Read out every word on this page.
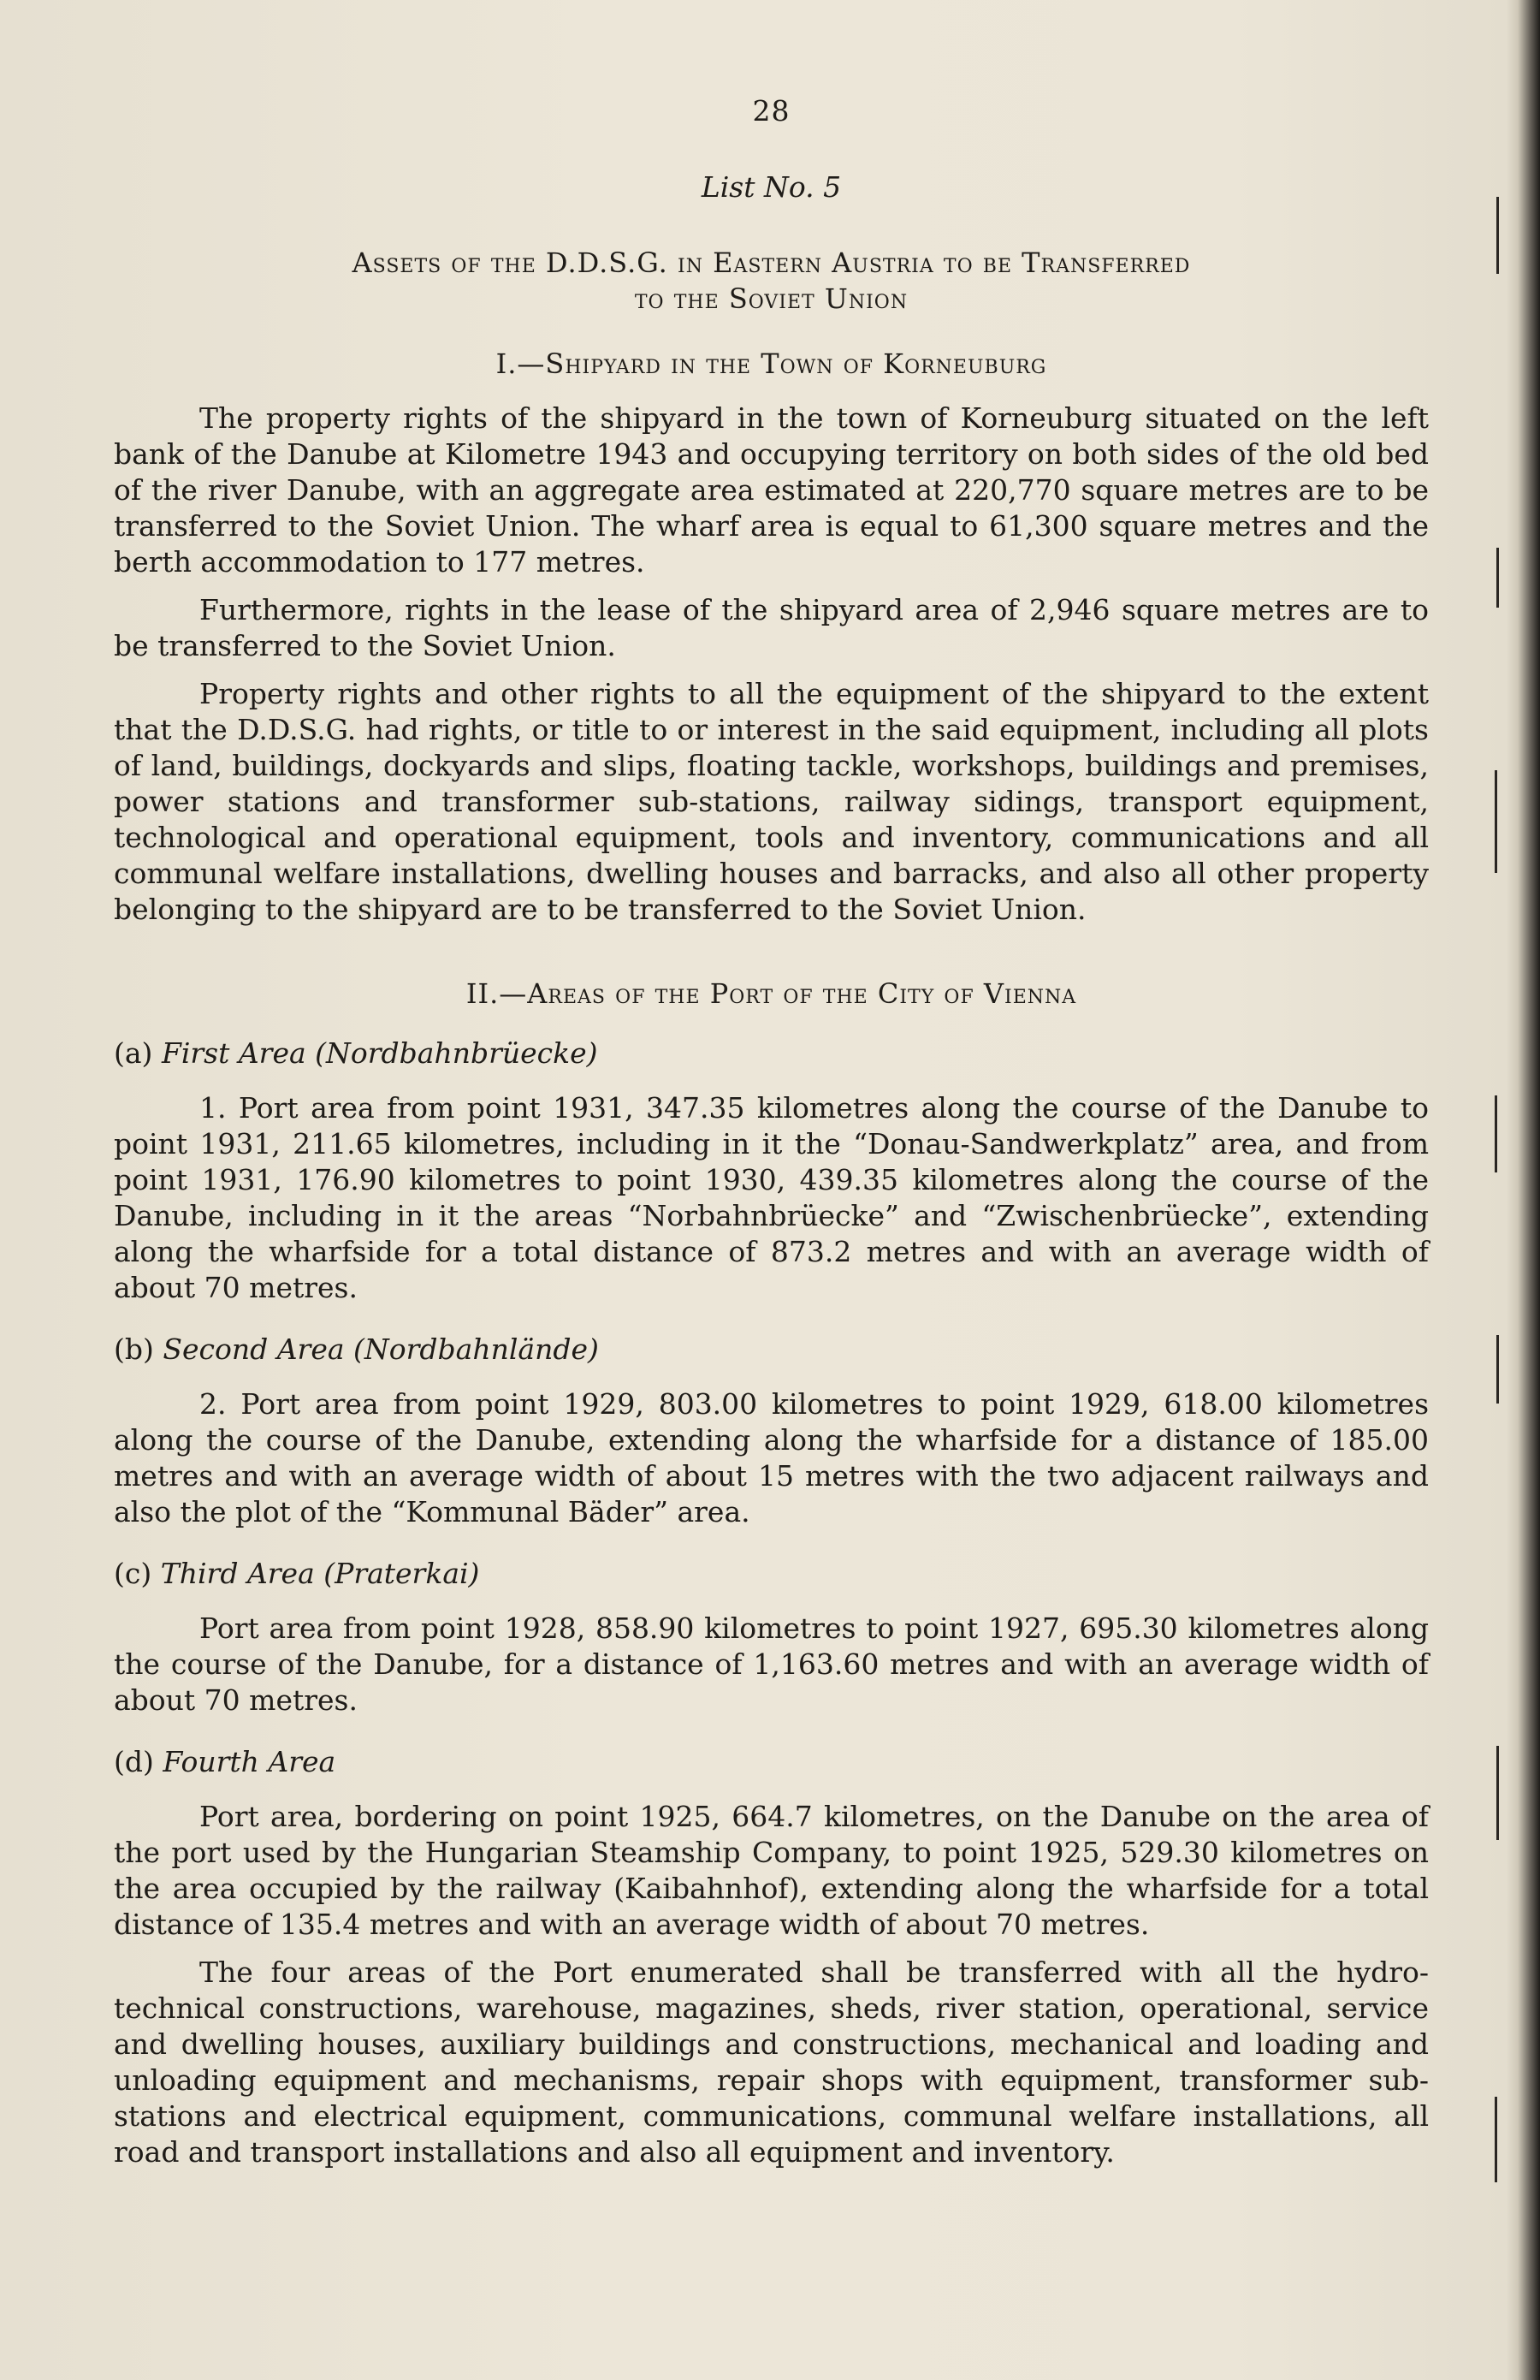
28
List No. 5
Assets of the D.D.S.G. in Eastern Austria to be Transferred
to the Soviet Union
I.—Shipyard in the Town of Korneuburg

The property rights of the shipyard in the town of Korneuburg situated on the left bank of the Danube at Kilometre 1943 and occupying territory on both sides of the old bed of the river Danube, with an aggregate area estimated at 220,770 square metres are to be transferred to the Soviet Union. The wharf area is equal to 61,300 square metres and the berth accommodation to 177 metres.

Furthermore, rights in the lease of the shipyard area of 2,946 square metres are to be transferred to the Soviet Union.

Property rights and other rights to all the equipment of the shipyard to the extent that the D.D.S.G. had rights, or title to or interest in the said equipment, including all plots of land, buildings, dockyards and slips, floating tackle, workshops, buildings and premises, power stations and transformer sub-stations, railway sidings, transport equipment, technological and operational equipment, tools and inventory, communications and all communal welfare installations, dwelling houses and barracks, and also all other property belonging to the shipyard are to be transferred to the Soviet Union.

II.—Areas of the Port of the City of Vienna
(a) First Area (Nordbahnbrüecke)

1. Port area from point 1931, 347.35 kilometres along the course of the Danube to point 1931, 211.65 kilometres, including in it the “Donau-Sandwerkplatz” area, and from point 1931, 176.90 kilometres to point 1930, 439.35 kilometres along the course of the Danube, including in it the areas “Norbahnbrüecke” and “Zwischenbrüecke”, extending along the wharfside for a total distance of 873.2 metres and with an average width of about 70 metres.

(b) Second Area (Nordbahnlände)

2. Port area from point 1929, 803.00 kilometres to point 1929, 618.00 kilometres along the course of the Danube, extending along the wharfside for a distance of 185.00 metres and with an average width of about 15 metres with the two adjacent railways and also the plot of the “Kommunal Bäder” area.

(c) Third Area (Praterkai)

Port area from point 1928, 858.90 kilometres to point 1927, 695.30 kilometres along the course of the Danube, for a distance of 1,163.60 metres and with an average width of about 70 metres.

(d) Fourth Area

Port area, bordering on point 1925, 664.7 kilometres, on the Danube on the area of the port used by the Hungarian Steamship Company, to point 1925, 529.30 kilometres on the area occupied by the railway (Kaibahnhof), extending along the wharfside for a total distance of 135.4 metres and with an average width of about 70 metres.

The four areas of the Port enumerated shall be transferred with all the hydro-technical constructions, warehouse, magazines, sheds, river station, operational, service and dwelling houses, auxiliary buildings and constructions, mechanical and loading and unloading equipment and mechanisms, repair shops with equipment, transformer sub-stations and electrical equipment, communications, communal welfare installations, all road and transport installations and also all equipment and inventory.
